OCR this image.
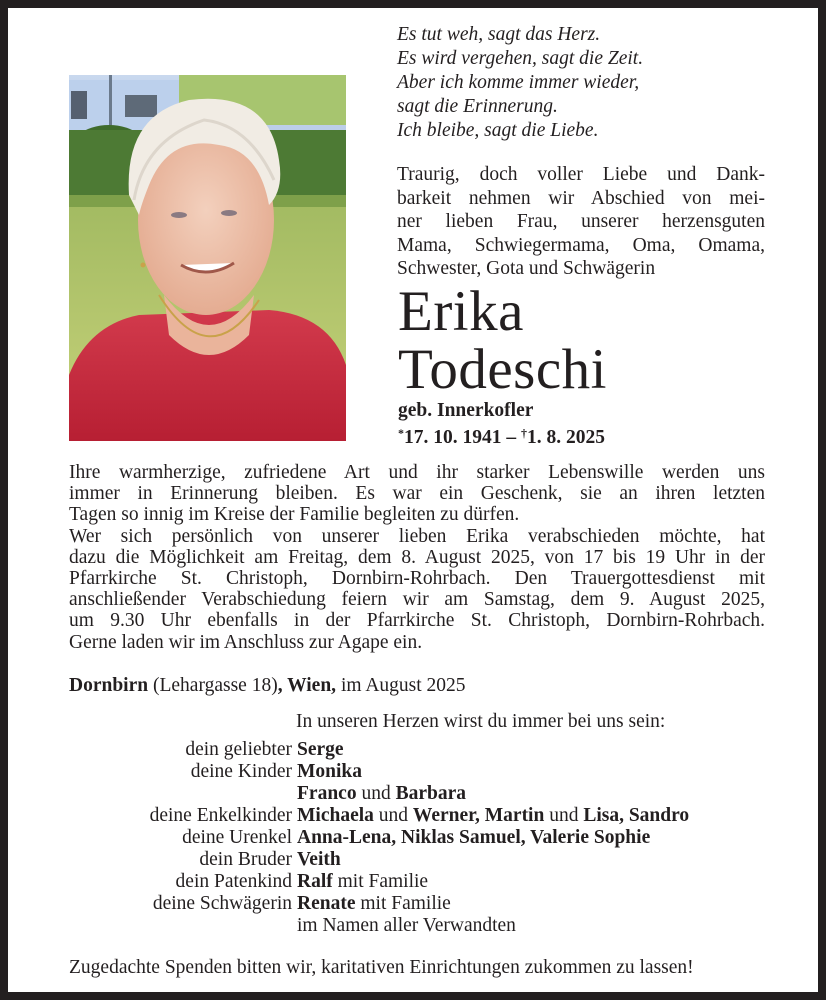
Es tut weh, sagt das Herz.
Es wird vergehen, sagt die Zeit.
Aber ich komme immer wieder,
sagt die Erinnerung.
Ich bleibe, sagt die Liebe.
Traurig, doch voller Liebe und Dank-
barkeit nehmen wir Abschied von mei-
ner lieben Frau, unserer herzensguten
Mama, Schwiegermama, Oma, Omama,
Schwester, Gota und Schwägerin
Erika
Todeschi
geb. Innerkofler
*17. 10. 1941 – †1. 8. 2025
Ihre warmherzige, zufriedene Art und ihr starker Lebenswille werden uns
immer in Erinnerung bleiben. Es war ein Geschenk, sie an ihren letzten
Tagen so innig im Kreise der Familie begleiten zu dürfen.
Wer sich persönlich von unserer lieben Erika verabschieden möchte, hat
dazu die Möglichkeit am Freitag, dem 8. August 2025, von 17 bis 19 Uhr in der
Pfarrkirche St. Christoph, Dornbirn-Rohrbach. Den Trauergottesdienst mit
anschließender Verabschiedung feiern wir am Samstag, dem 9. August 2025,
um 9.30 Uhr ebenfalls in der Pfarrkirche St. Christoph, Dornbirn-Rohrbach.
Gerne laden wir im Anschluss zur Agape ein.
Dornbirn (Lehargasse 18), Wien, im August 2025
In unseren Herzen wirst du immer bei uns sein:
dein geliebter Serge
deine Kinder Monika
Franco und Barbara
deine Enkelkinder Michaela und Werner, Martin und Lisa, Sandro
deine Urenkel Anna-Lena, Niklas Samuel, Valerie Sophie
dein Bruder Veith
dein Patenkind Ralf mit Familie
deine Schwägerin Renate mit Familie
im Namen aller Verwandten
Zugedachte Spenden bitten wir, karitativen Einrichtungen zukommen zu lassen!
